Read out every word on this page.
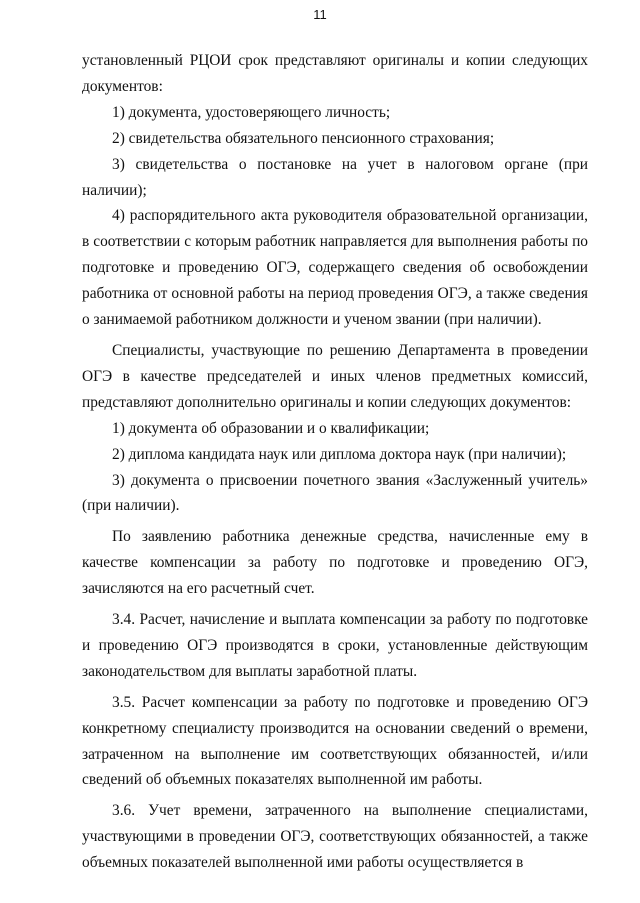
11

установленный РЦОИ срок представляют оригиналы и копии следующих документов:

1) документа, удостоверяющего личность;

2) свидетельства обязательного пенсионного страхования;

3) свидетельства о постановке на учет в налоговом органе (при наличии);

4) распорядительного акта руководителя образовательной организации, в соответствии с которым работник направляется для выполнения работы по подготовке и проведению ОГЭ, содержащего сведения об освобождении работника от основной работы на период проведения ОГЭ, а также сведения о занимаемой работником должности и ученом звании (при наличии).

Специалисты, участвующие по решению Департамента в проведении ОГЭ в качестве председателей и иных членов предметных комиссий, представляют дополнительно оригиналы и копии следующих документов:

1) документа об образовании и о квалификации;

2) диплома кандидата наук или диплома доктора наук (при наличии);

3) документа о присвоении почетного звания «Заслуженный учитель» (при наличии).

По заявлению работника денежные средства, начисленные ему в качестве компенсации за работу по подготовке и проведению ОГЭ, зачисляются на его расчетный счет.

3.4. Расчет, начисление и выплата компенсации за работу по подготовке и проведению ОГЭ производятся в сроки, установленные действующим законодательством для выплаты заработной платы.

3.5. Расчет компенсации за работу по подготовке и проведению ОГЭ конкретному специалисту производится на основании сведений о времени, затраченном на выполнение им соответствующих обязанностей, и/или сведений об объемных показателях выполненной им работы.

3.6. Учет времени, затраченного на выполнение специалистами, участвующими в проведении ОГЭ, соответствующих обязанностей, а также объемных показателей выполненной ими работы осуществляется в
